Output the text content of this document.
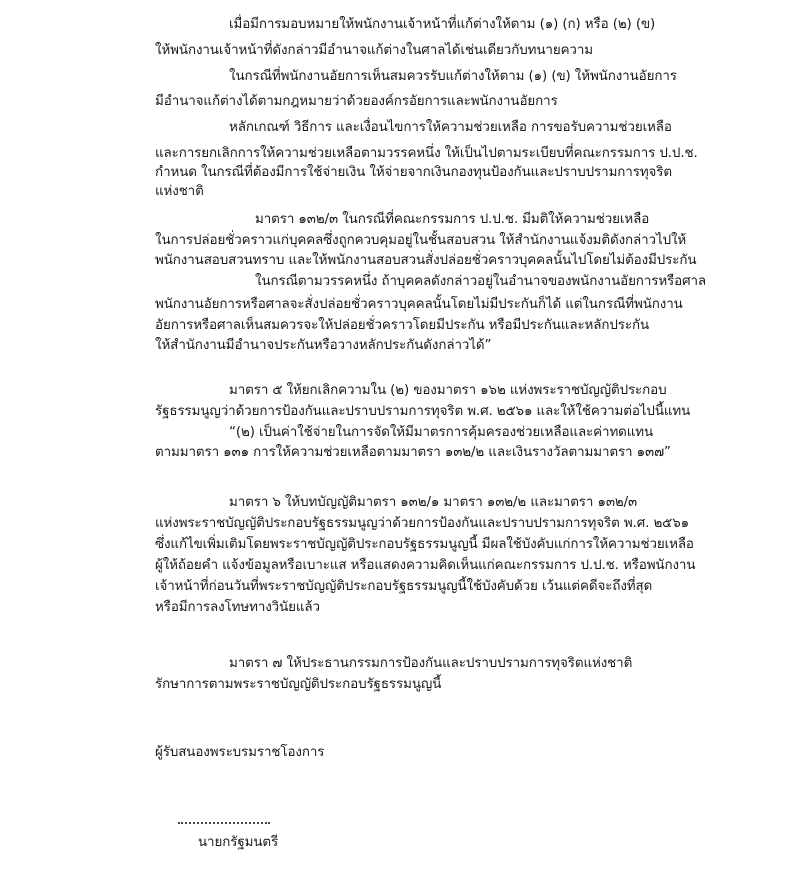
เมื่อมีการมอบหมายให้พนักงานเจ้าหน้าที่แก้ต่างให้ตาม (๑) (ก) หรือ (๒) (ข)
ให้พนักงานเจ้าหน้าที่ดังกล่าวมีอำนาจแก้ต่างในศาลได้เช่นเดียวกับทนายความ
ในกรณีที่พนักงานอัยการเห็นสมควรรับแก้ต่างให้ตาม (๑) (ข) ให้พนักงานอัยการ
มีอำนาจแก้ต่างได้ตามกฎหมายว่าด้วยองค์กรอัยการและพนักงานอัยการ
หลักเกณฑ์ วิธีการ และเงื่อนไขการให้ความช่วยเหลือ การขอรับความช่วยเหลือ
และการยกเลิกการให้ความช่วยเหลือตามวรรคหนึ่ง ให้เป็นไปตามระเบียบที่คณะกรรมการ ป.ป.ช.
กำหนด ในกรณีที่ต้องมีการใช้จ่ายเงิน ให้จ่ายจากเงินกองทุนป้องกันและปราบปรามการทุจริต
แห่งชาติ
มาตรา ๑๓๒/๓ ในกรณีที่คณะกรรมการ ป.ป.ช. มีมติให้ความช่วยเหลือ
ในการปล่อยชั่วคราวแก่บุคคลซึ่งถูกควบคุมอยู่ในชั้นสอบสวน ให้สำนักงานแจ้งมติดังกล่าวไปให้
พนักงานสอบสวนทราบ และให้พนักงานสอบสวนสั่งปล่อยชั่วคราวบุคคลนั้นไปโดยไม่ต้องมีประกัน
ในกรณีตามวรรคหนึ่ง ถ้าบุคคลดังกล่าวอยู่ในอำนาจของพนักงานอัยการหรือศาล
พนักงานอัยการหรือศาลจะสั่งปล่อยชั่วคราวบุคคลนั้นโดยไม่มีประกันก็ได้ แต่ในกรณีที่พนักงาน
อัยการหรือศาลเห็นสมควรจะให้ปล่อยชั่วคราวโดยมีประกัน หรือมีประกันและหลักประกัน
ให้สำนักงานมีอำนาจประกันหรือวางหลักประกันดังกล่าวได้”
มาตรา ๕ ให้ยกเลิกความใน (๒) ของมาตรา ๑๖๒ แห่งพระราชบัญญัติประกอบ
รัฐธรรมนูญว่าด้วยการป้องกันและปราบปรามการทุจริต พ.ศ. ๒๕๖๑ และให้ใช้ความต่อไปนี้แทน
“(๒) เป็นค่าใช้จ่ายในการจัดให้มีมาตรการคุ้มครองช่วยเหลือและค่าทดแทน
ตามมาตรา ๑๓๑ การให้ความช่วยเหลือตามมาตรา ๑๓๒/๒ และเงินรางวัลตามมาตรา ๑๓๗”
มาตรา ๖ ให้บทบัญญัติมาตรา ๑๓๒/๑ มาตรา ๑๓๒/๒ และมาตรา ๑๓๒/๓
แห่งพระราชบัญญัติประกอบรัฐธรรมนูญว่าด้วยการป้องกันและปราบปรามการทุจริต พ.ศ. ๒๕๖๑
ซึ่งแก้ไขเพิ่มเติมโดยพระราชบัญญัติประกอบรัฐธรรมนูญนี้ มีผลใช้บังคับแก่การให้ความช่วยเหลือ
ผู้ให้ถ้อยคำ แจ้งข้อมูลหรือเบาะแส หรือแสดงความคิดเห็นแก่คณะกรรมการ ป.ป.ช. หรือพนักงาน
เจ้าหน้าที่ก่อนวันที่พระราชบัญญัติประกอบรัฐธรรมนูญนี้ใช้บังคับด้วย เว้นแต่คดีจะถึงที่สุด
หรือมีการลงโทษทางวินัยแล้ว
มาตรา ๗ ให้ประธานกรรมการป้องกันและปราบปรามการทุจริตแห่งชาติ
รักษาการตามพระราชบัญญัติประกอบรัฐธรรมนูญนี้
ผู้รับสนองพระบรมราชโองการ
นายกรัฐมนตรี
